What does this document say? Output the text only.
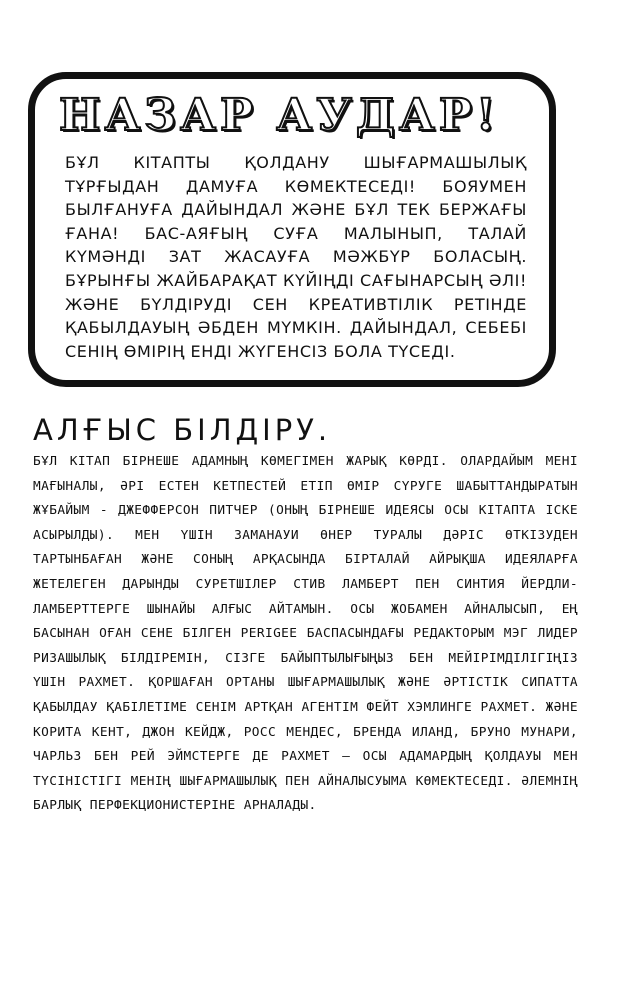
НАЗАР АУДАР!

БҰЛ КІТАПТЫ ҚОЛДАНУ ШЫҒАРМАШЫЛЫҚ ТҰРҒЫДАН ДАМУҒА КӨМЕКТЕСЕДІ! БОЯУМЕН БЫЛҒАНУҒА ДАЙЫНДАЛ ЖӘНЕ БҰЛ ТЕК БЕРЖАҒЫ ҒАНА! БАС-АЯҒЫҢ СУҒА МАЛЫНЫП, ТАЛАЙ КҮМӘНДІ ЗАТ ЖАСАУҒА МӘЖБҮР БОЛАСЫҢ. БҰРЫНҒЫ ЖАЙБАРАҚАТ КҮЙІҢДІ САҒЫНАРСЫҢ ӘЛІ! ЖӘНЕ БҮЛДІРУДІ СЕН КРЕАТИВТІЛІК РЕТІНДЕ ҚАБЫЛДАУЫҢ ӘБДЕН МҮМКІН. ДАЙЫНДАЛ, СЕБЕБІ СЕНІҢ ӨМІРІҢ ЕНДІ ЖҮГЕНСІЗ БОЛА ТҮСЕДІ.

АЛҒЫС БІЛДІРУ.

БҰЛ КІТАП БІРНЕШЕ АДАМНЫҢ КӨМЕГІМЕН ЖАРЫҚ КӨРДІ. ОЛАРДАЙЫМ МЕНІ МАҒЫНАЛЫ, ӘРІ ЕСТЕН КЕТПЕСТЕЙ ЕТІП ӨМІР СҮРУГЕ ШАБЫТТАНДЫРАТЫН ЖҰБАЙЫМ - ДЖЕФФЕРСОН ПИТЧЕР (ОНЫҢ БІРНЕШЕ ИДЕЯСЫ ОСЫ КІТАПТА ІСКЕ АСЫРЫЛДЫ). МЕН ҮШІН ЗАМАНАУИ ӨНЕР ТУРАЛЫ ДӘРІС ӨТКІЗУДЕН ТАРТЫНБАҒАН ЖӘНЕ СОНЫҢ АРҚАСЫНДА БІРТАЛАЙ АЙРЫҚША ИДЕЯЛАРҒА ЖЕТЕЛЕГЕН ДАРЫНДЫ СУРЕТШІЛЕР СТИВ ЛАМБЕРТ ПЕН СИНТИЯ ЙЕРДЛИ-ЛАМБЕРТТЕРГЕ ШЫНАЙЫ АЛҒЫС АЙТАМЫН. ОСЫ ЖОБАМЕН АЙНАЛЫСЫП, ЕҢ БАСЫНАН ОҒАН СЕНЕ БІЛГЕН PERIGEE БАСПАСЫНДАҒЫ РЕДАКТОРЫМ МЭГ ЛИДЕР РИЗАШЫЛЫҚ БІЛДІРЕМІН, СІЗГЕ БАЙЫПТЫЛЫҒЫҢЫЗ БЕН МЕЙІРІМДІЛІГІҢІЗ ҮШІН РАХМЕТ. ҚОРШАҒАН ОРТАНЫ ШЫҒАРМАШЫЛЫҚ ЖӘНЕ ӘРТІСТІК СИПАТТА ҚАБЫЛДАУ ҚАБІЛЕТІМЕ СЕНІМ АРТҚАН АГЕНТІМ ФЕЙТ ХЭМЛИНГЕ РАХМЕТ. ЖӘНЕ КОРИТА КЕНТ, ДЖОН КЕЙДЖ, РОСС МЕНДЕС, БРЕНДА ИЛАНД, БРУНО МУНАРИ, ЧАРЛЬЗ БЕН РЕЙ ЭЙМСТЕРГЕ ДЕ РАХМЕТ – ОСЫ АДАМАРДЫҢ ҚОЛДАУЫ МЕН ТҮСІНІСТІГІ МЕНІҢ ШЫҒАРМАШЫЛЫҚ ПЕН АЙНАЛЫСУЫМА КӨМЕКТЕСЕДІ. ӘЛЕМНІҢ БАРЛЫҚ ПЕРФЕКЦИОНИСТЕРІНЕ АРНАЛАДЫ.
